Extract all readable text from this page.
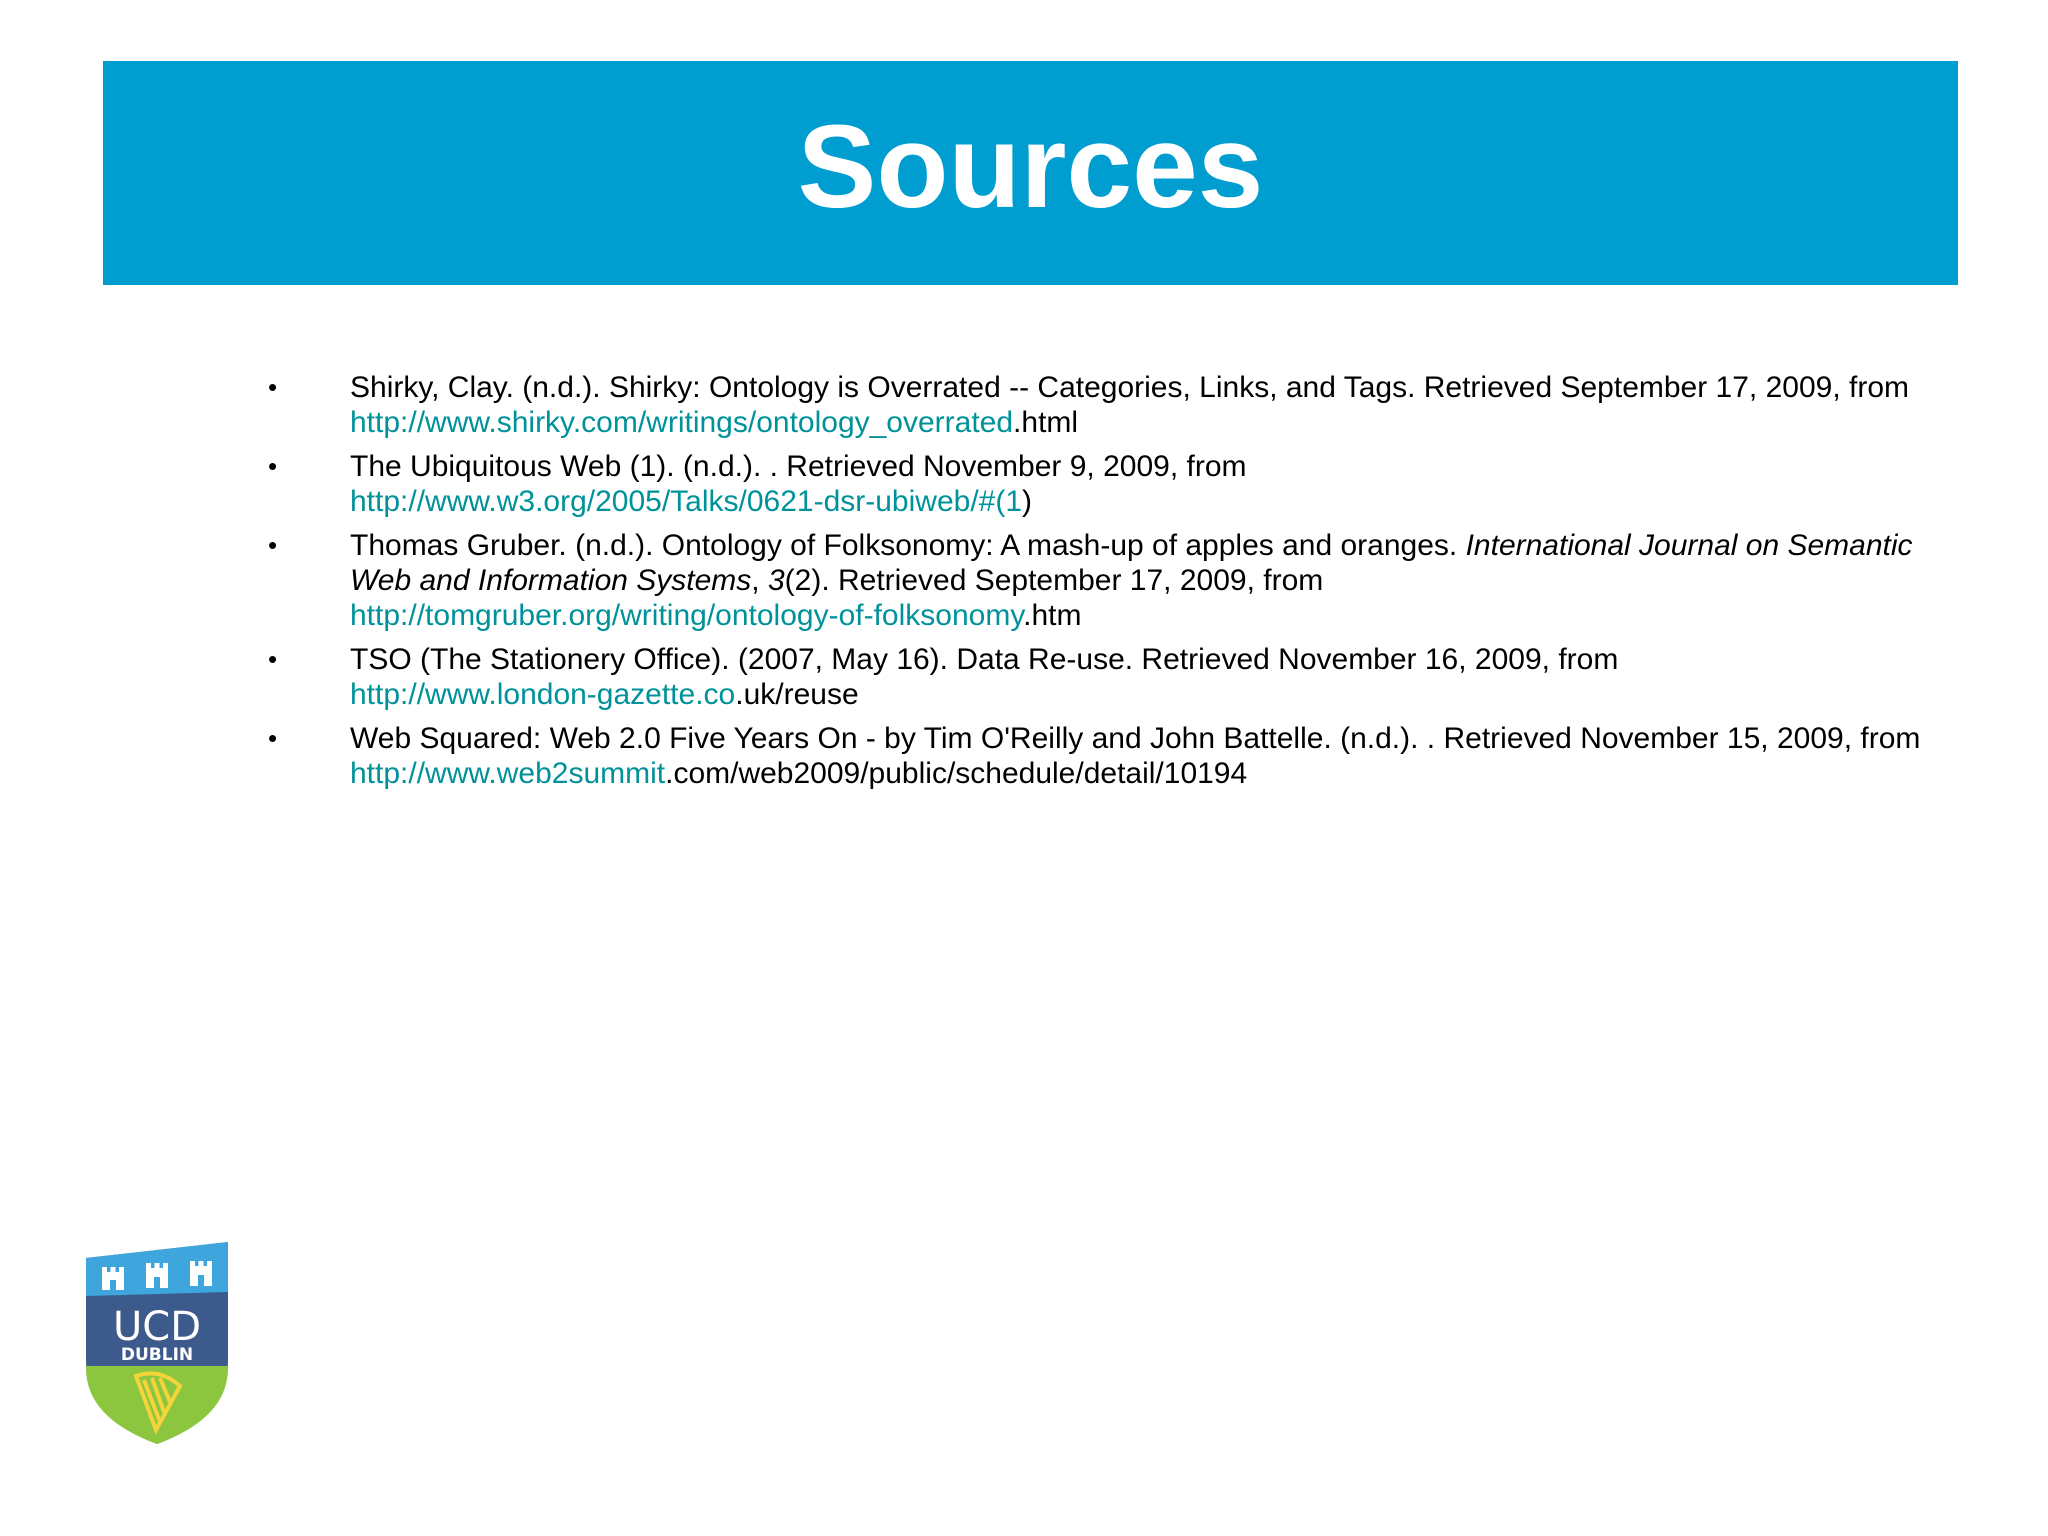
Sources
•	Shirky, Clay. (n.d.). Shirky: Ontology is Overrated -- Categories, Links, and Tags. Retrieved September 17, 2009, from http://www.shirky.com/writings/ontology_overrated.html
•	The Ubiquitous Web (1). (n.d.). . Retrieved November 9, 2009, from
http://www.w3.org/2005/Talks/0621-dsr-ubiweb/#(1)
•	Thomas Gruber. (n.d.). Ontology of Folksonomy: A mash-up of apples and oranges. International Journal on Semantic Web and Information Systems, 3(2). Retrieved September 17, 2009, from
http://tomgruber.org/writing/ontology-of-folksonomy.htm
•	TSO (The Stationery Office). (2007, May 16). Data Re-use. Retrieved November 16, 2009, from
http://www.london-gazette.co.uk/reuse
•	Web Squared: Web 2.0 Five Years On - by Tim O'Reilly and John Battelle. (n.d.). . Retrieved November 15, 2009, from http://www.web2summit.com/web2009/public/schedule/detail/10194
UCD
DUBLIN
